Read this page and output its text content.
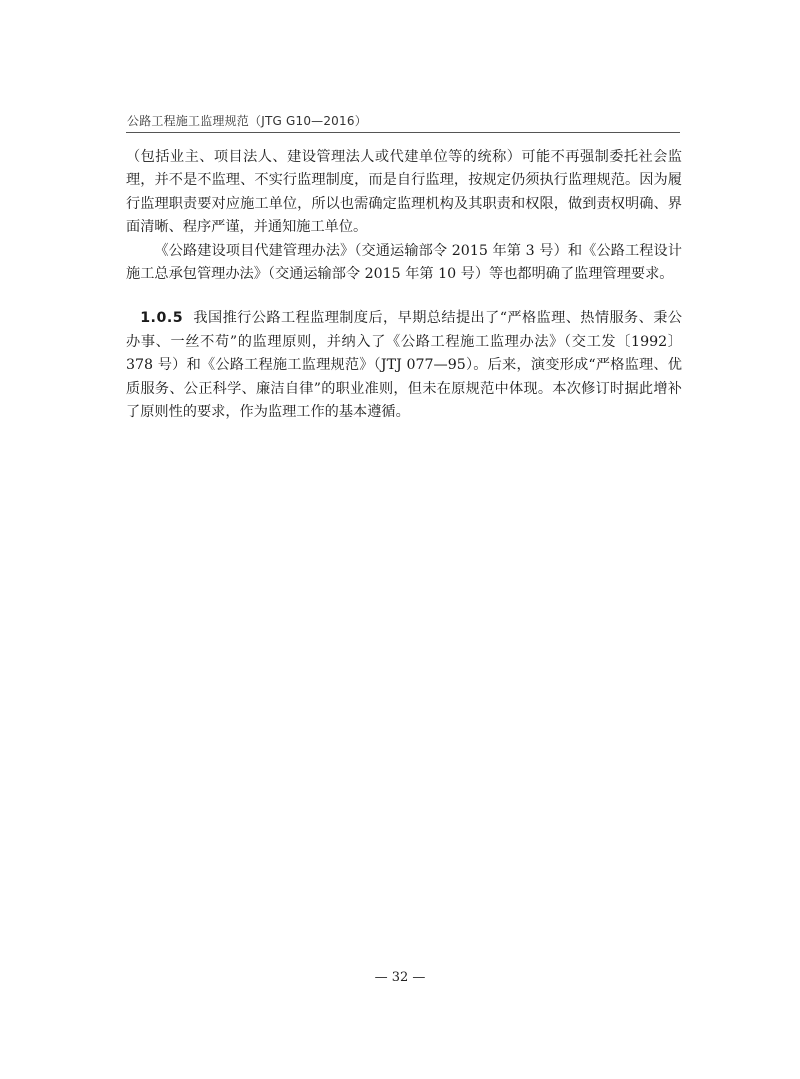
公路工程施工监理规范（JTG G10—2016）

（包括业主、项目法人、建设管理法人或代建单位等的统称）可能不再强制委托社会监理，并不是不监理、不实行监理制度，而是自行监理，按规定仍须执行监理规范。因为履行监理职责要对应施工单位，所以也需确定监理机构及其职责和权限，做到责权明确、界面清晰、程序严谨，并通知施工单位。

《公路建设项目代建管理办法》（交通运输部令 2015 年第 3 号）和《公路工程设计施工总承包管理办法》（交通运输部令 2015 年第 10 号）等也都明确了监理管理要求。

1.0.5 我国推行公路工程监理制度后，早期总结提出了“严格监理、热情服务、秉公办事、一丝不苟”的监理原则，并纳入了《公路工程施工监理办法》（交工发〔1992〕378 号）和《公路工程施工监理规范》（JTJ 077—95）。后来，演变形成“严格监理、优质服务、公正科学、廉洁自律”的职业准则，但未在原规范中体现。本次修订时据此增补了原则性的要求，作为监理工作的基本遵循。

— 32 —
